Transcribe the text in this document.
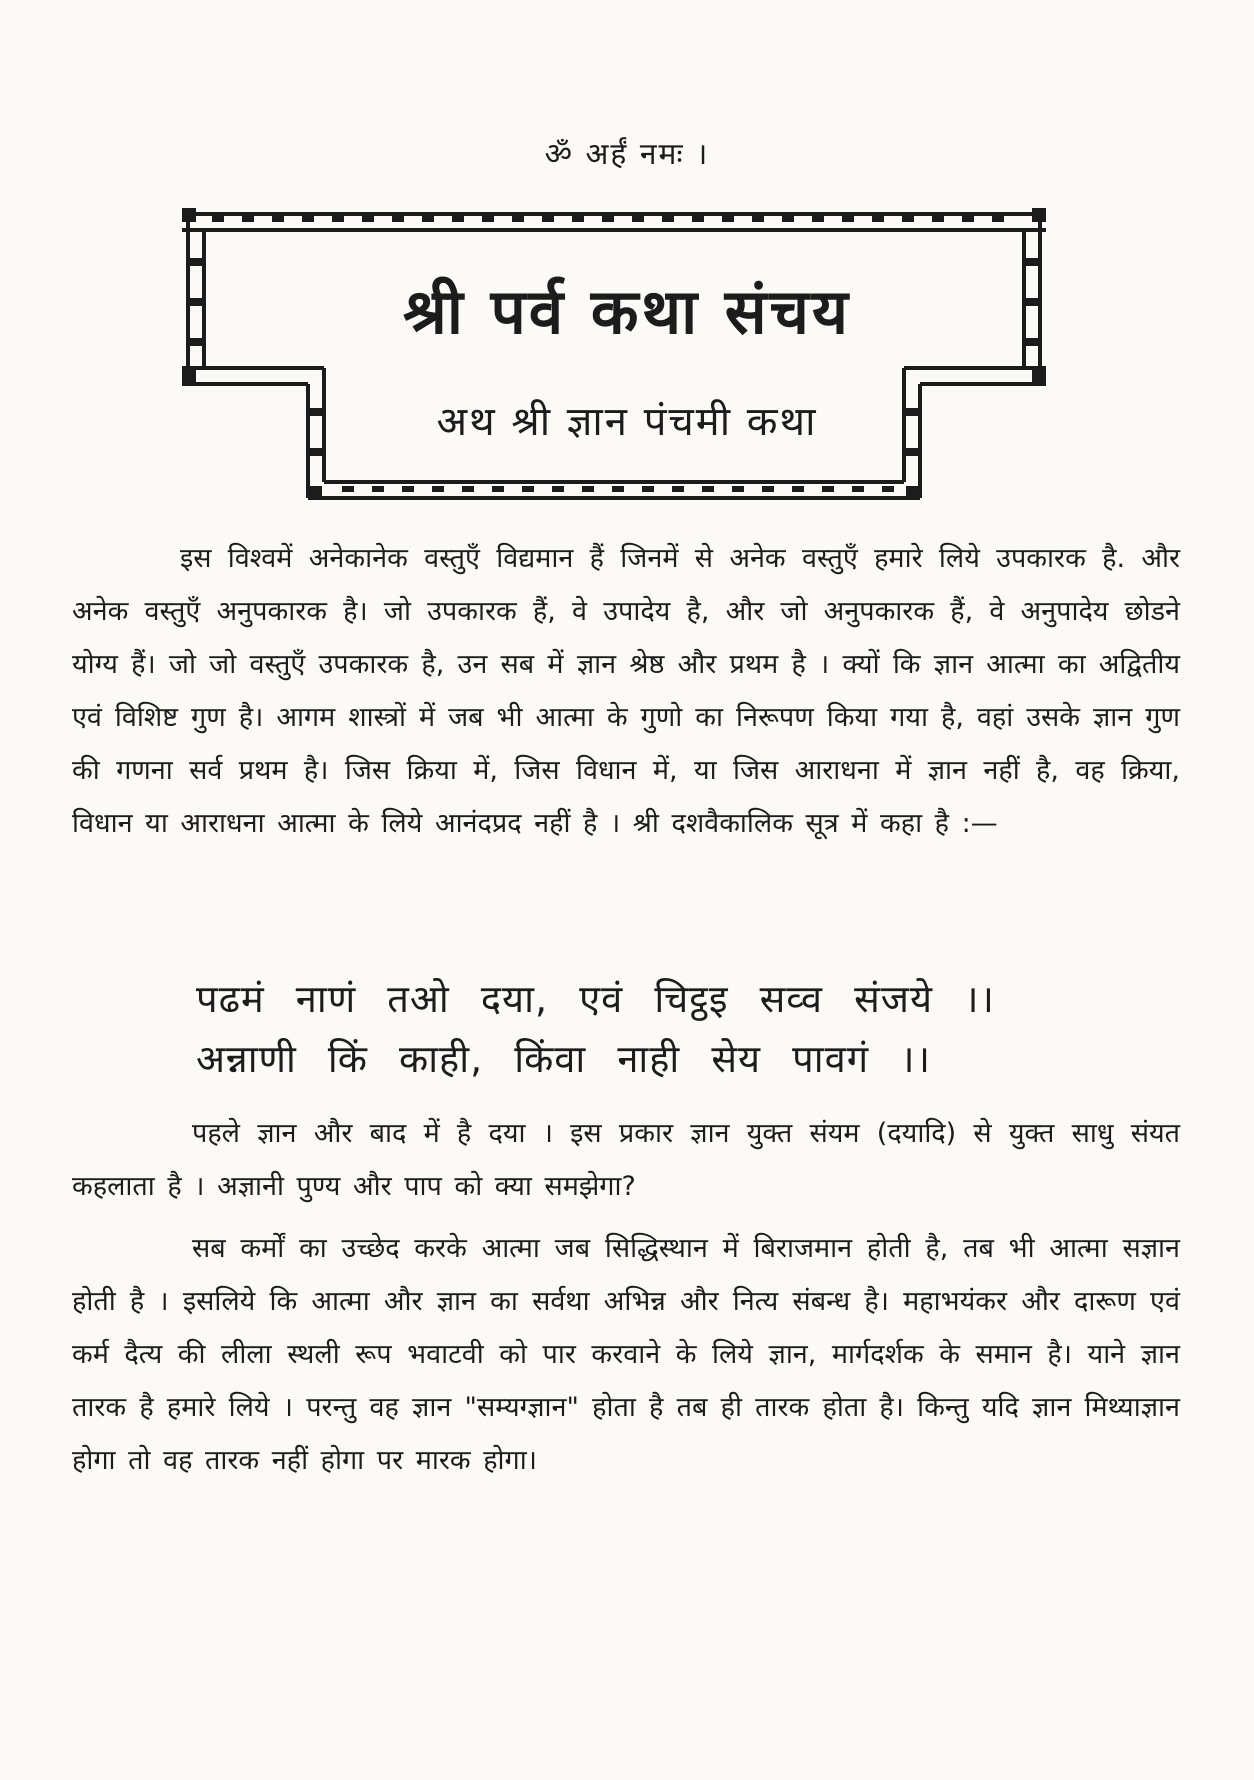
ॐ अर्हं नमः ।
श्री पर्व कथा संचय
अथ श्री ज्ञान पंचमी कथा
इस विश्वमें अनेकानेक वस्तुएँ विद्यमान हैं जिनमें से अनेक वस्तुएँ हमारे लिये उपकारक है. और अनेक वस्तुएँ अनुपकारक है। जो उपकारक हैं, वे उपादेय है, और जो अनुपकारक हैं, वे अनुपादेय छोडने योग्य हैं। जो जो वस्तुएँ उपकारक है, उन सब में ज्ञान श्रेष्ठ और प्रथम है । क्यों कि ज्ञान आत्मा का अद्वितीय एवं विशिष्ट गुण है। आगम शास्त्रों में जब भी आत्मा के गुणो का निरूपण किया गया है, वहां उसके ज्ञान गुण की गणना सर्व प्रथम है। जिस क्रिया में, जिस विधान में, या जिस आराधना में ज्ञान नहीं है, वह क्रिया, विधान या आराधना आत्मा के लिये आनंदप्रद नहीं है । श्री दशवैकालिक सूत्र में कहा है :—
पढमं नाणं तओ दया, एवं चिट्ठइ सव्व संजये ।।
अन्नाणी किं काही, किंवा नाही सेय पावगं ।।
पहले ज्ञान और बाद में है दया । इस प्रकार ज्ञान युक्त संयम (दयादि) से युक्त साधु संयत कहलाता है । अज्ञानी पुण्य और पाप को क्या समझेगा?
सब कर्मों का उच्छेद करके आत्मा जब सिद्धिस्थान में बिराजमान होती है, तब भी आत्मा सज्ञान होती है । इसलिये कि आत्मा और ज्ञान का सर्वथा अभिन्न और नित्य संबन्ध है। महाभयंकर और दारूण एवं कर्म दैत्य की लीला स्थली रूप भवाटवी को पार करवाने के लिये ज्ञान, मार्गदर्शक के समान है। याने ज्ञान तारक है हमारे लिये । परन्तु वह ज्ञान "सम्यग्ज्ञान" होता है तब ही तारक होता है। किन्तु यदि ज्ञान मिथ्याज्ञान होगा तो वह तारक नहीं होगा पर मारक होगा।
